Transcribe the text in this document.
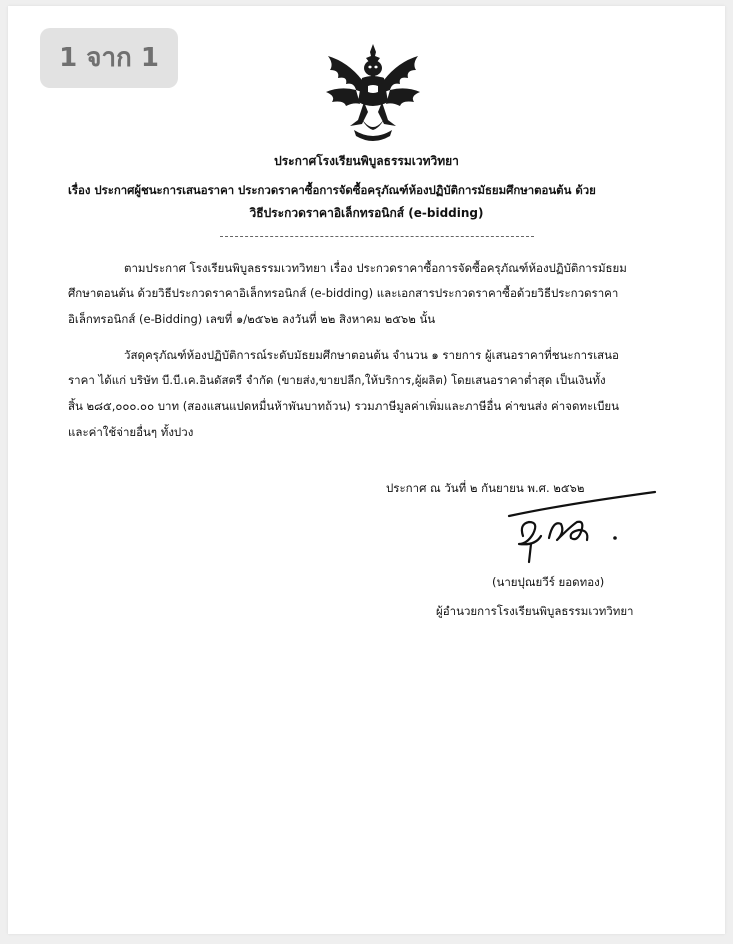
1 จาก 1
ประกาศโรงเรียนพิบูลธรรมเวทวิทยา
เรื่อง ประกาศผู้ชนะการเสนอราคา ประกวดราคาซื้อการจัดซื้อครุภัณฑ์ห้องปฏิบัติการมัธยมศึกษาตอนต้น ด้วย
วิธีประกวดราคาอิเล็กทรอนิกส์ (e-bidding)
ตามประกาศ โรงเรียนพิบูลธรรมเวทวิทยา เรื่อง ประกวดราคาซื้อการจัดซื้อครุภัณฑ์ห้องปฏิบัติการมัธยม
ศึกษาตอนต้น ด้วยวิธีประกวดราคาอิเล็กทรอนิกส์ (e-bidding) และเอกสารประกวดราคาซื้อด้วยวิธีประกวดราคา
อิเล็กทรอนิกส์ (e-Bidding) เลขที่ ๑/๒๕๖๒ ลงวันที่ ๒๒ สิงหาคม ๒๕๖๒ นั้น
วัสดุครุภัณฑ์ห้องปฏิบัติการณ์ระดับมัธยมศึกษาตอนต้น จำนวน ๑ รายการ ผู้เสนอราคาที่ชนะการเสนอ
ราคา ได้แก่ บริษัท บี.บี.เค.อินดัสตรี จำกัด (ขายส่ง,ขายปลีก,ให้บริการ,ผู้ผลิต) โดยเสนอราคาต่ำสุด เป็นเงินทั้ง
สิ้น ๒๘๕,๐๐๐.๐๐ บาท (สองแสนแปดหมื่นห้าพันบาทถ้วน) รวมภาษีมูลค่าเพิ่มและภาษีอื่น ค่าขนส่ง ค่าจดทะเบียน
และค่าใช้จ่ายอื่นๆ ทั้งปวง
ประกาศ ณ วันที่ ๒ กันยายน พ.ศ. ๒๕๖๒
(นายปุณยวีร์ ยอดทอง)
ผู้อำนวยการโรงเรียนพิบูลธรรมเวทวิทยา
